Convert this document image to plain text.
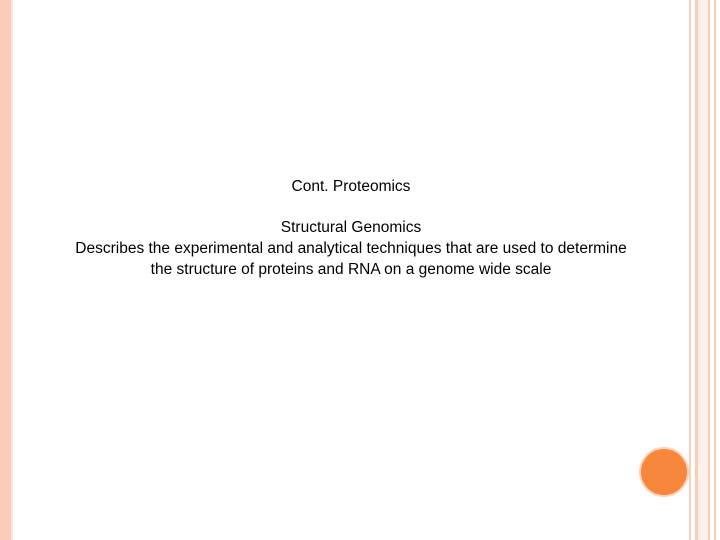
Cont. Proteomics
Structural Genomics
Describes the experimental and analytical techniques that are used to determine
the structure of proteins and RNA on a genome wide scale
